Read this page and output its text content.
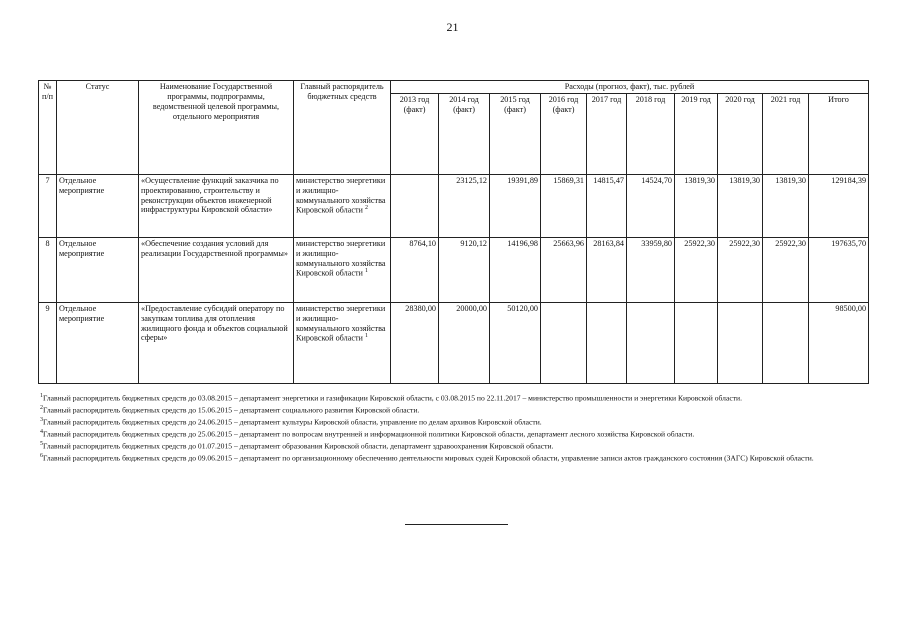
21
№ п/п	Статус	Наименование Государственной программы, подпрограммы, ведомственной целевой программы, отдельного мероприятия	Главный распорядитель бюджетных средств	Расходы (прогноз, факт), тыс. рублей									
				2013 год (факт)	2014 год (факт)	2015 год (факт)	2016 год (факт)	2017 год	2018 год	2019 год	2020 год	2021 год	Итого
7	Отдельное мероприятие	«Осуществление функций заказчика по проектированию, строительству и реконструкции объектов инженерной инфраструктуры Кировской области»	министерство энергетики и жилищно-коммунального хозяйства Кировской области $^2$		23125,12	19391,89	15869,31	14815,47	14524,70	13819,30	13819,30	13819,30	129184,39
8	Отдельное мероприятие	«Обеспечение создания условий для реализации Государственной программы»	министерство энергетики и жилищно-коммунального хозяйства Кировской области $^1$	8764,10	9120,12	14196,98	25663,96	28163,84	33959,80	25922,30	25922,30	25922,30	197635,70
9	Отдельное мероприятие	«Предоставление субсидий оператору по закупкам топлива для отопления жилищного фонда и объектов социальной сферы»	министерство энергетики и жилищно-коммунального хозяйства Кировской области $^1$	28380,00	20000,00	50120,00							98500,00

$^1$Главный распорядитель бюджетных средств до 03.08.2015 – департамент энергетики и газификации Кировской области, с 03.08.2015 по 22.11.2017 – министерство промышленности и энергетики Кировской области.

$^2$Главный распорядитель бюджетных средств до 15.06.2015 – департамент социального развития Кировской области.

$^3$Главный распорядитель бюджетных средств до 24.06.2015 – департамент культуры Кировской области, управление по делам архивов Кировской области.

$^4$Главный распорядитель бюджетных средств до 25.06.2015 – департамент по вопросам внутренней и информационной политики Кировской области, департамент лесного хозяйства Кировской области.

$^5$Главный распорядитель бюджетных средств до 01.07.2015 – департамент образования Кировской области, департамент здравоохранения Кировской области.

$^6$Главный распорядитель бюджетных средств до 09.06.2015 – департамент по организационному обеспечению деятельности мировых судей Кировской области, управление записи актов гражданского состояния (ЗАГС) Кировской области.
